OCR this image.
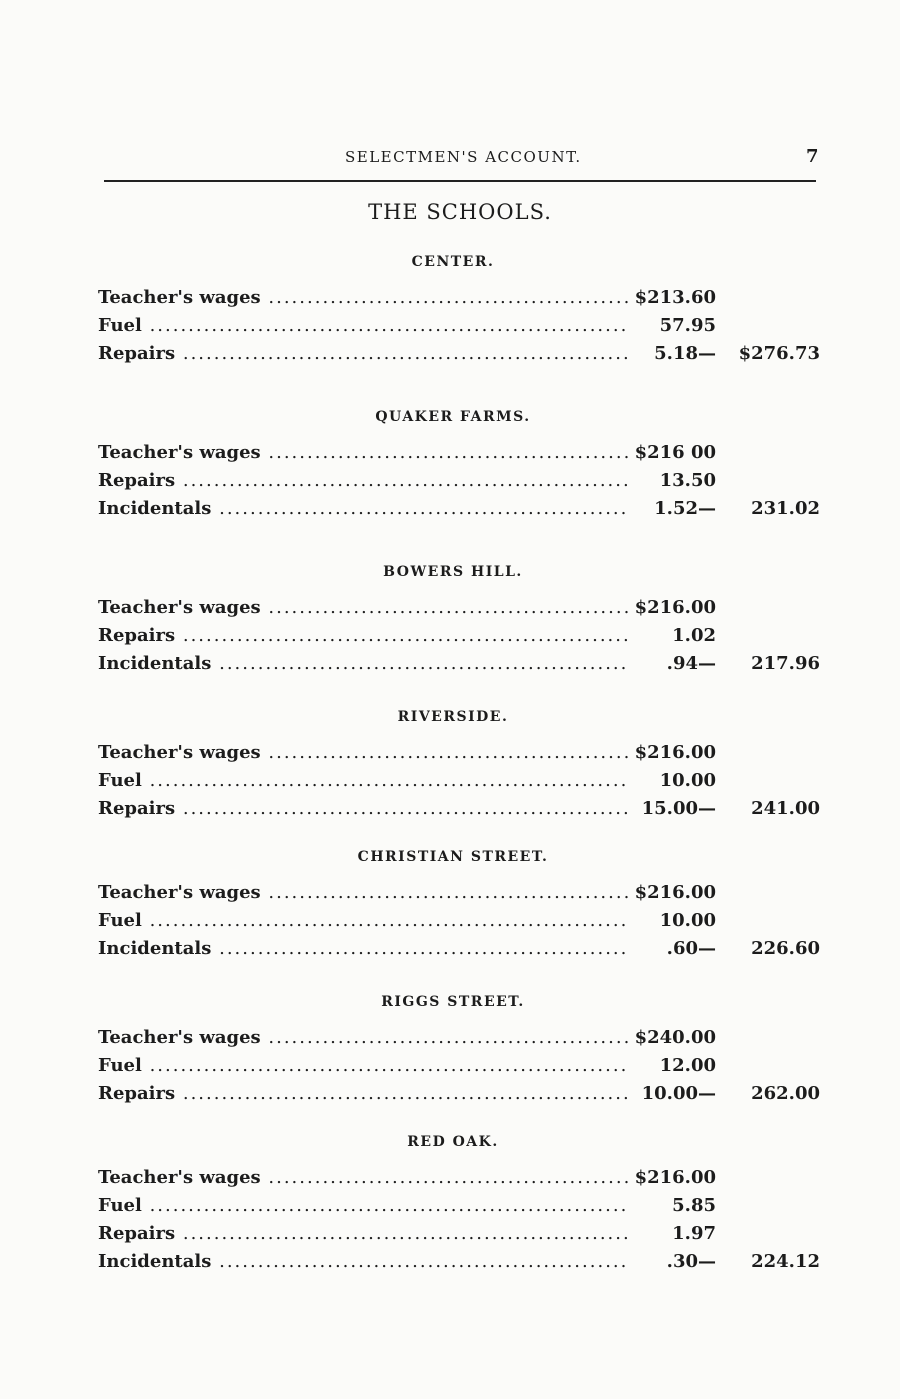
SELECTMEN'S ACCOUNT.	7
THE SCHOOLS.
CENTER.
Teacher's wages .....	$213.60
Fuel .....	57.95
Repairs .....	5.18—	$276.73
QUAKER FARMS.
Teacher's wages .....	$216 00
Repairs .....	13.50
Incidentals .....	1.52—	231.02
BOWERS HILL.
Teacher's wages .....	$216.00
Repairs .....	1.02
Incidentals .....	.94—	217.96
RIVERSIDE.
Teacher's wages .....	$216.00
Fuel .....	10.00
Repairs .....	15.00—	241.00
CHRISTIAN STREET.
Teacher's wages .....	$216.00
Fuel .....	10.00
Incidentals .....	.60—	226.60
RIGGS STREET.
Teacher's wages .....	$240.00
Fuel .....	12.00
Repairs .....	10.00—	262.00
RED OAK.
Teacher's wages .....	$216.00
Fuel .....	5.85
Repairs .....	1.97
Incidentals .....	.30—	224.12
